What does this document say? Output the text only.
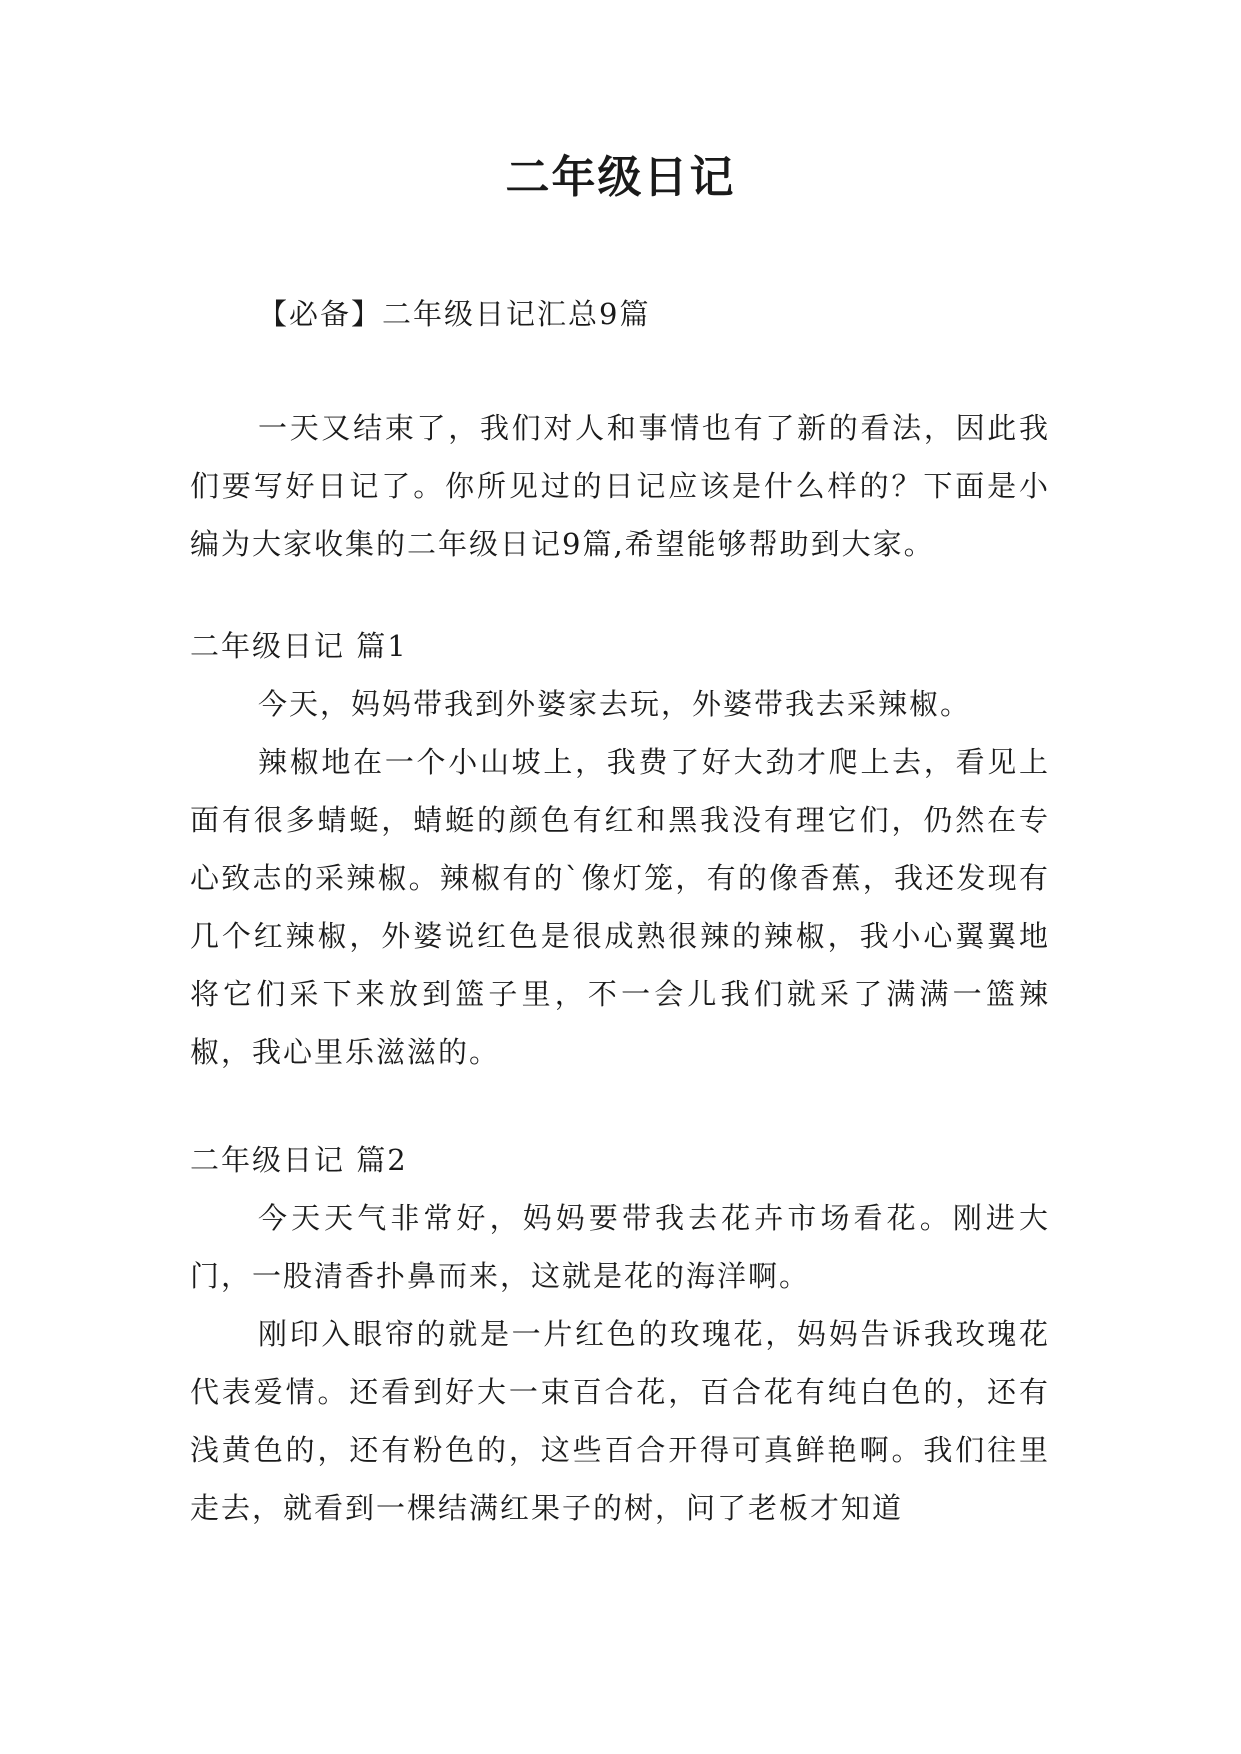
二年级日记

【必备】二年级日记汇总9篇

一天又结束了，我们对人和事情也有了新的看法，因此我们要写好日记了。你所见过的日记应该是什么样的？下面是小编为大家收集的二年级日记9篇,希望能够帮助到大家。

二年级日记 篇1

今天，妈妈带我到外婆家去玩，外婆带我去采辣椒。

辣椒地在一个小山坡上，我费了好大劲才爬上去，看见上面有很多蜻蜓，蜻蜓的颜色有红和黑我没有理它们，仍然在专心致志的采辣椒。辣椒有的`像灯笼，有的像香蕉，我还发现有几个红辣椒，外婆说红色是很成熟很辣的辣椒，我小心翼翼地将它们采下来放到篮子里，不一会儿我们就采了满满一篮辣椒，我心里乐滋滋的。

二年级日记 篇2

今天天气非常好，妈妈要带我去花卉市场看花。刚进大门，一股清香扑鼻而来，这就是花的海洋啊。

刚印入眼帘的就是一片红色的玫瑰花，妈妈告诉我玫瑰花代表爱情。还看到好大一束百合花，百合花有纯白色的，还有浅黄色的，还有粉色的，这些百合开得可真鲜艳啊。我们往里走去，就看到一棵结满红果子的树，问了老板才知道
